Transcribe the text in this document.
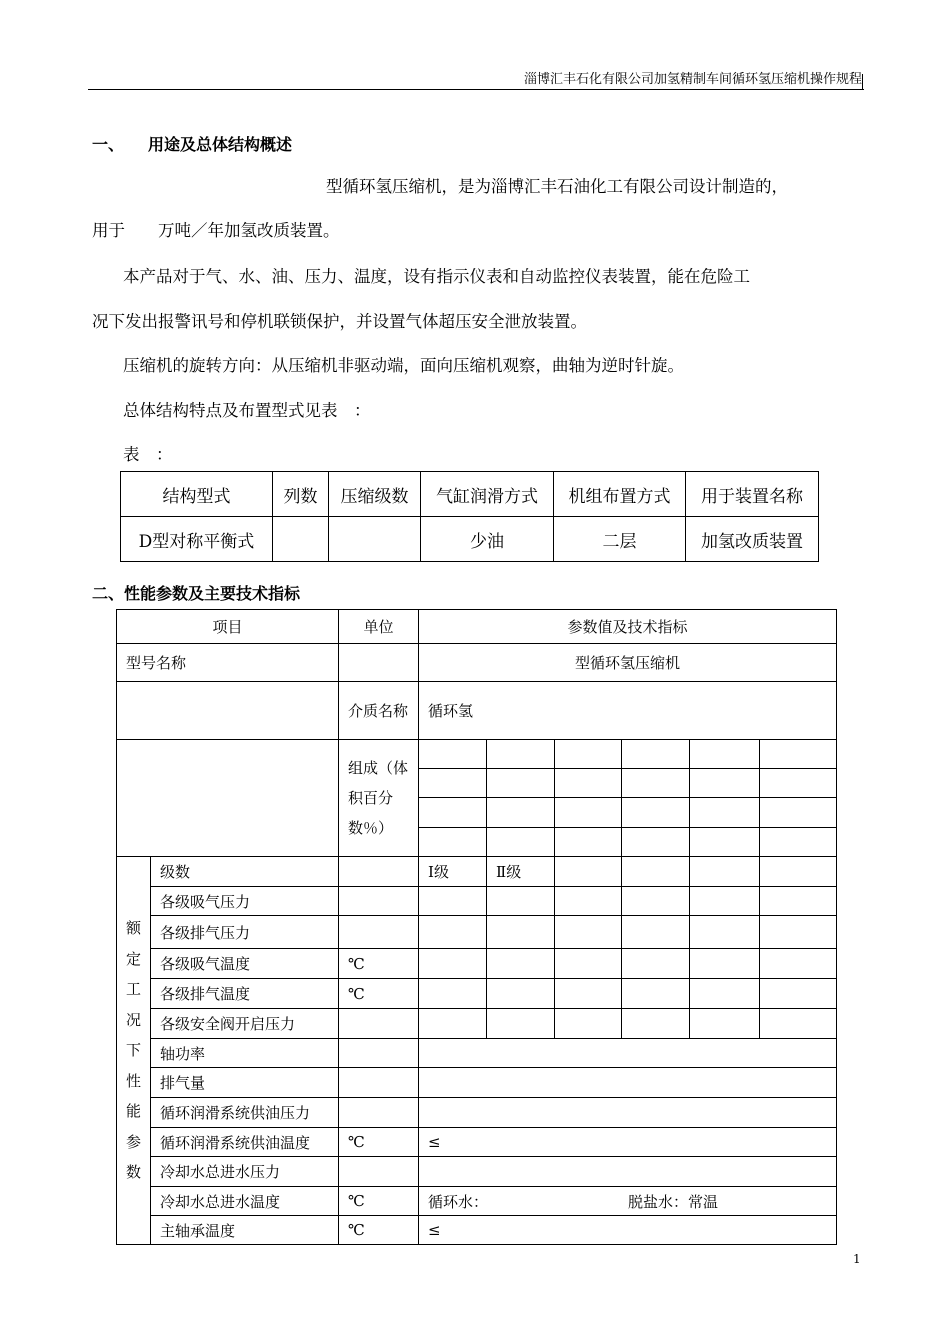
淄博汇丰石化有限公司加氢精制车间循环氢压缩机操作规程
一、 用途及总体结构概述
型循环氢压缩机，是为淄博汇丰石油化工有限公司设计制造的，
用于　　万吨／年加氢改质装置。
本产品对于气、水、油、压力、温度，设有指示仪表和自动监控仪表装置，能在危险工
况下发出报警讯号和停机联锁保护，并设置气体超压安全泄放装置。
压缩机的旋转方向：从压缩机非驱动端，面向压缩机观察，曲轴为逆时针旋。
总体结构特点及布置型式见表　：
表　：
结构型式	列数	压缩级数	气缸润滑方式	机组布置方式	用于装置名称
D型对称平衡式			少油	二层	加氢改质装置
二、性能参数及主要技术指标
项目		单位	参数值及技术指标					
型号名称			型循环氢压缩机					
		介质名称	循环氢					
		组成（体积百分数％）						

额定工况下性能参数	级数		Ⅰ级	Ⅱ级				
	各级吸气压力							
	各级排气压力							
	各级吸气温度	℃						
	各级排气温度	℃						
	各级安全阀开启压力							
	轴功率							
	排气量							
	循环润滑系统供油压力							
	循环润滑系统供油温度	℃	≤					
	冷却水总进水压力							
	冷却水总进水温度	℃	循环水： 脱盐水：常温					
	主轴承温度	℃	≤					
1
